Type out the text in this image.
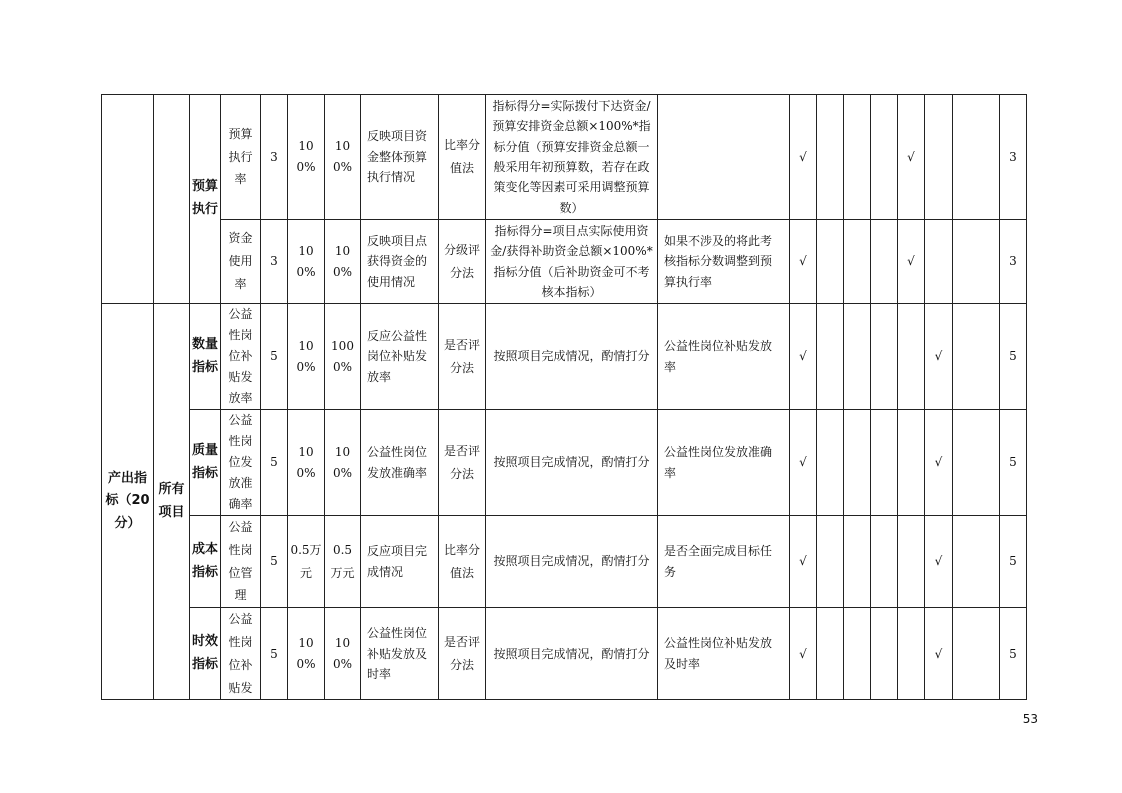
		预算执行	预算执行率	3	100%	100%	反映项目资金整体预算执行情况	比率分值法	指标得分=实际拨付下达资金/预算安排资金总额×100%*指标分值（预算安排资金总额一般采用年初预算数，若存在政策变化等因素可采用调整预算数）		√				√			3
			资金使用率	3	100%	100%	反映项目点获得资金的使用情况	分级评分法	指标得分=项目点实际使用资金/获得补助资金总额×100%*指标分值（后补助资金可不考核本指标）	如果不涉及的将此考核指标分数调整到预算执行率	√				√			3
产出指标（20分）	所有项目	数量指标	公益性岗位补贴发放率	5	100%	1000%	反应公益性岗位补贴发放率	是否评分法	按照项目完成情况，酌情打分	公益性岗位补贴发放率	√					√		5
		质量指标	公益性岗位发放准确率	5	100%	100%	公益性岗位发放准确率	是否评分法	按照项目完成情况，酌情打分	公益性岗位发放准确率	√					√		5
		成本指标	公益性岗位管理	5	0.5万元	0.5万元	反应项目完成情况	比率分值法	按照项目完成情况，酌情打分	是否全面完成目标任务	√					√		5
		时效指标	公益性岗位补贴发	5	100%	100%	公益性岗位补贴发放及时率	是否评分法	按照项目完成情况，酌情打分	公益性岗位补贴发放及时率	√					√		5
53
